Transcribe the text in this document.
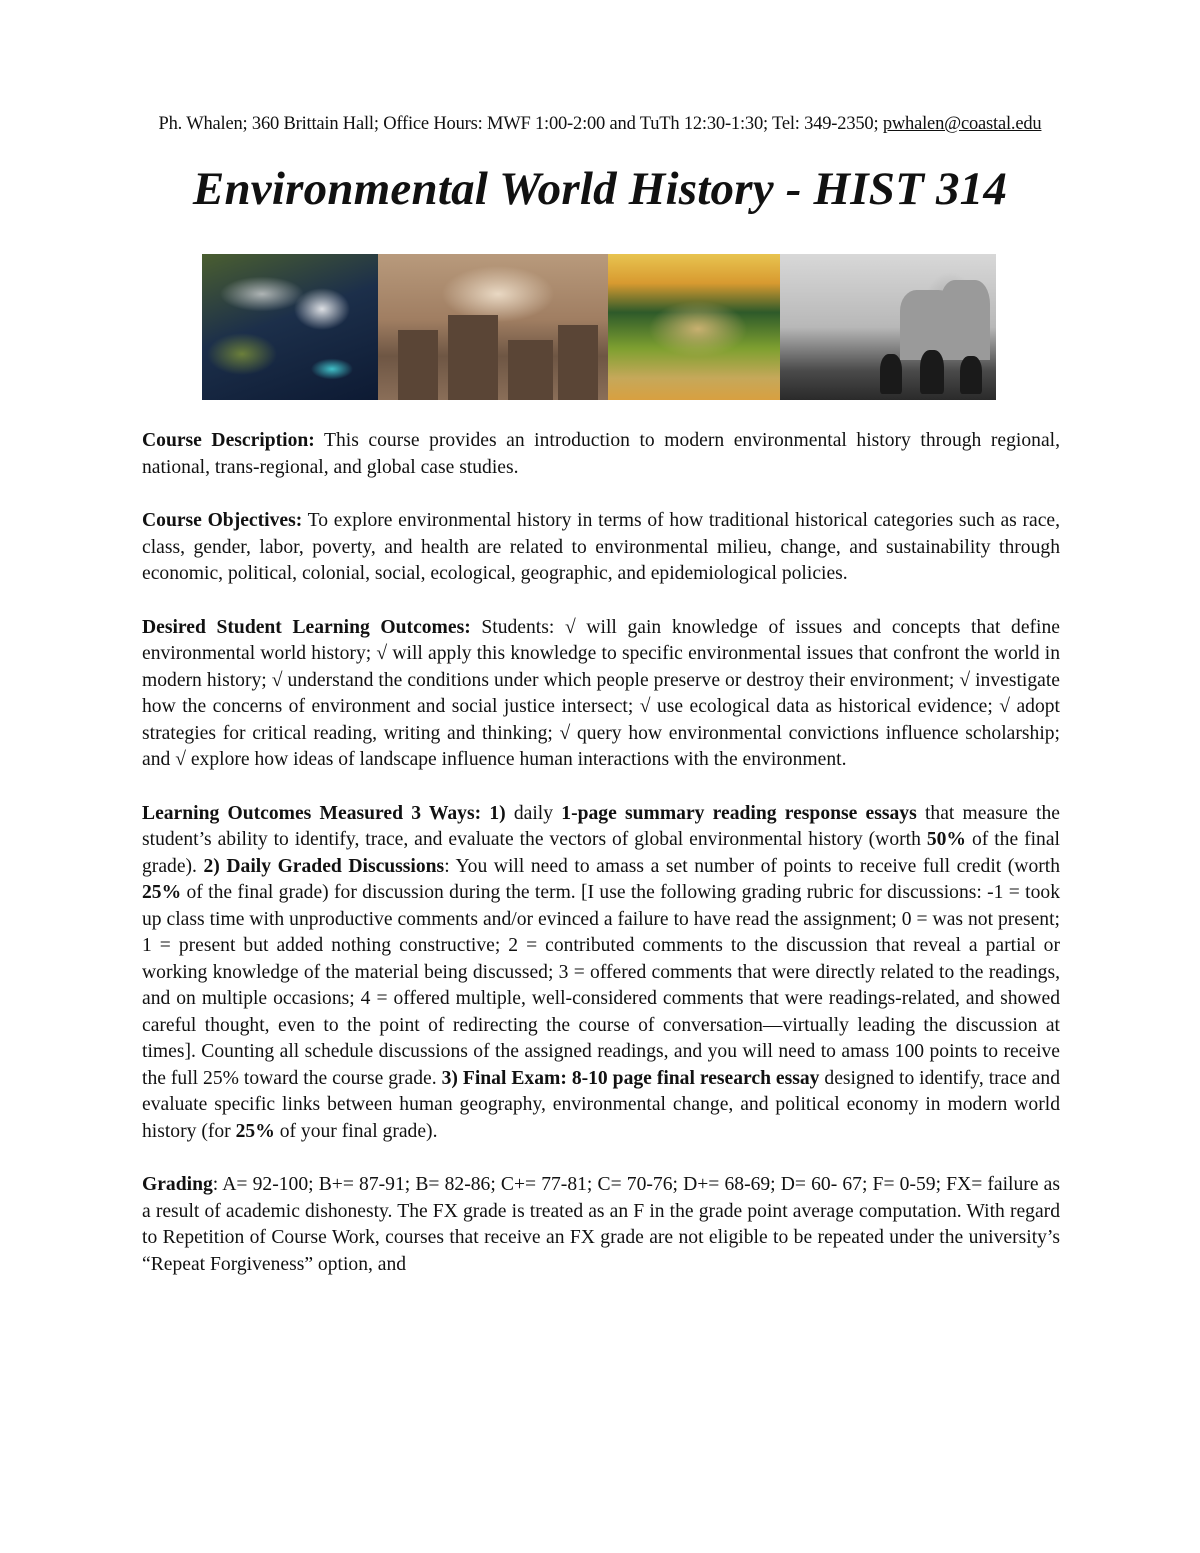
Ph. Whalen; 360 Brittain Hall; Office Hours: MWF 1:00-2:00 and TuTh 12:30-1:30; Tel: 349-2350; pwhalen@coastal.edu
Environmental World History - HIST 314

Course Description: This course provides an introduction to modern environmental history through regional, national, trans-regional, and global case studies.

Course Objectives: To explore environmental history in terms of how traditional historical categories such as race, class, gender, labor, poverty, and health are related to environmental milieu, change, and sustainability through economic, political, colonial, social, ecological, geographic, and epidemiological policies.

Desired Student Learning Outcomes: Students: √ will gain knowledge of issues and concepts that define environmental world history; √ will apply this knowledge to specific environmental issues that confront the world in modern history; √ understand the conditions under which people preserve or destroy their environment; √ investigate how the concerns of environment and social justice intersect; √ use ecological data as historical evidence; √ adopt strategies for critical reading, writing and thinking; √ query how environmental convictions influence scholarship; and √ explore how ideas of landscape influence human interactions with the environment.

Learning Outcomes Measured 3 Ways: 1) daily 1-page summary reading response essays that measure the student’s ability to identify, trace, and evaluate the vectors of global environmental history (worth 50% of the final grade). 2) Daily Graded Discussions: You will need to amass a set number of points to receive full credit (worth 25% of the final grade) for discussion during the term. [I use the following grading rubric for discussions: -1 = took up class time with unproductive comments and/or evinced a failure to have read the assignment; 0 = was not present; 1 = present but added nothing constructive; 2 = contributed comments to the discussion that reveal a partial or working knowledge of the material being discussed; 3 = offered comments that were directly related to the readings, and on multiple occasions; 4 = offered multiple, well-considered comments that were readings-related, and showed careful thought, even to the point of redirecting the course of conversation—virtually leading the discussion at times]. Counting all schedule discussions of the assigned readings, and you will need to amass 100 points to receive the full 25% toward the course grade. 3) Final Exam: 8-10 page final research essay designed to identify, trace and evaluate specific links between human geography, environmental change, and political economy in modern world history (for 25% of your final grade).

Grading: A= 92-100; B+= 87-91; B= 82-86; C+= 77-81; C= 70-76; D+= 68-69; D= 60- 67; F= 0-59; FX= failure as a result of academic dishonesty. The FX grade is treated as an F in the grade point average computation. With regard to Repetition of Course Work, courses that receive an FX grade are not eligible to be repeated under the university’s “Repeat Forgiveness” option, and
